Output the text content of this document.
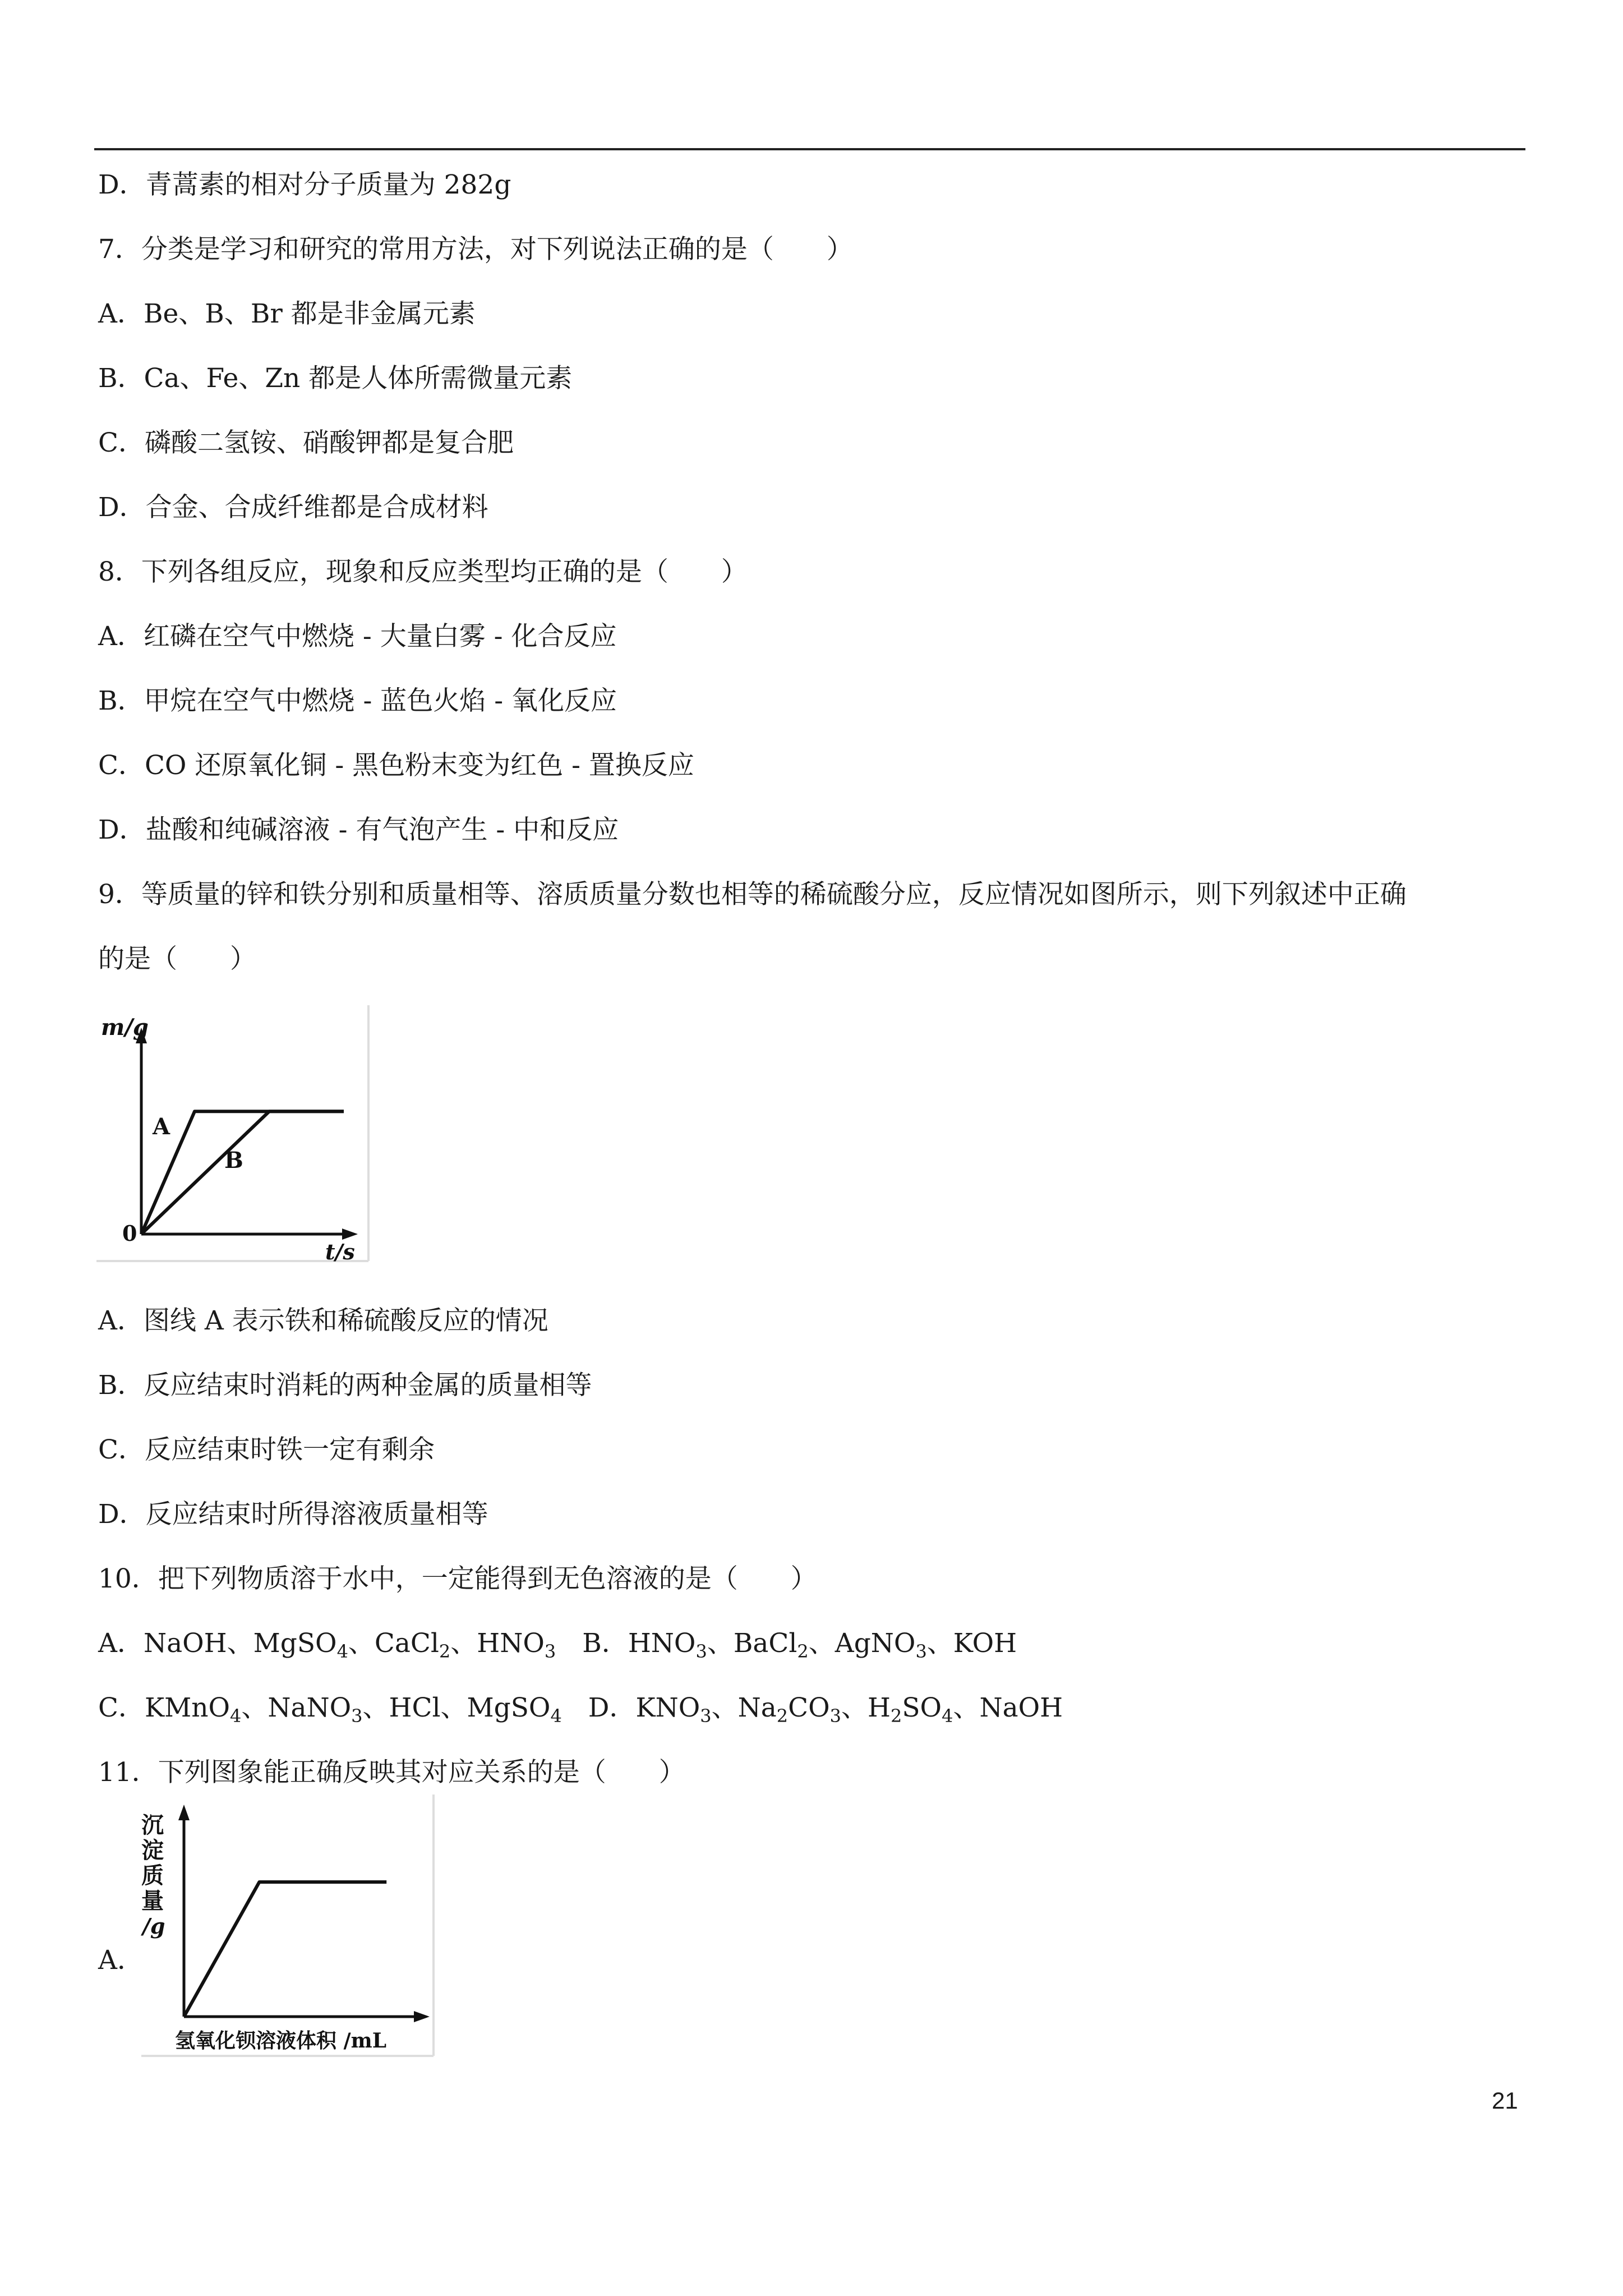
D．青蒿素的相对分子质量为 282g
7．分类是学习和研究的常用方法，对下列说法正确的是（　　）
A．Be、B、Br 都是非金属元素
B．Ca、Fe、Zn 都是人体所需微量元素
C．磷酸二氢铵、硝酸钾都是复合肥
D．合金、合成纤维都是合成材料
8．下列各组反应，现象和反应类型均正确的是（　　）
A．红磷在空气中燃烧 - 大量白雾 - 化合反应
B．甲烷在空气中燃烧 - 蓝色火焰 - 氧化反应
C．CO 还原氧化铜 - 黑色粉末变为红色 - 置换反应
D．盐酸和纯碱溶液 - 有气泡产生 - 中和反应
9．等质量的锌和铁分别和质量相等、溶质质量分数也相等的稀硫酸分应，反应情况如图所示，则下列叙述中正确
的是（　　）
A．图线 A 表示铁和稀硫酸反应的情况
B．反应结束时消耗的两种金属的质量相等
C．反应结束时铁一定有剩余
D．反应结束时所得溶液质量相等
10．把下列物质溶于水中，一定能得到无色溶液的是（　　）
A．NaOH、MgSO$_4$、CaCl$_2$、$HNO_3$　B．$HNO_3$、BaCl$_2$、AgNO$_3$、KOH
C．KMnO$_4$、NaNO$_3$、HCl、MgSO$_4$　D．$KNO_3$、$Na_2CO_3$、$H_2SO_4$、NaOH
11．下列图象能正确反映其对应关系的是（　　）
m/g
t/s
0
A
B
A．
沉
淀
质
量
/g
氢氧化钡溶液体积 /mL
21
